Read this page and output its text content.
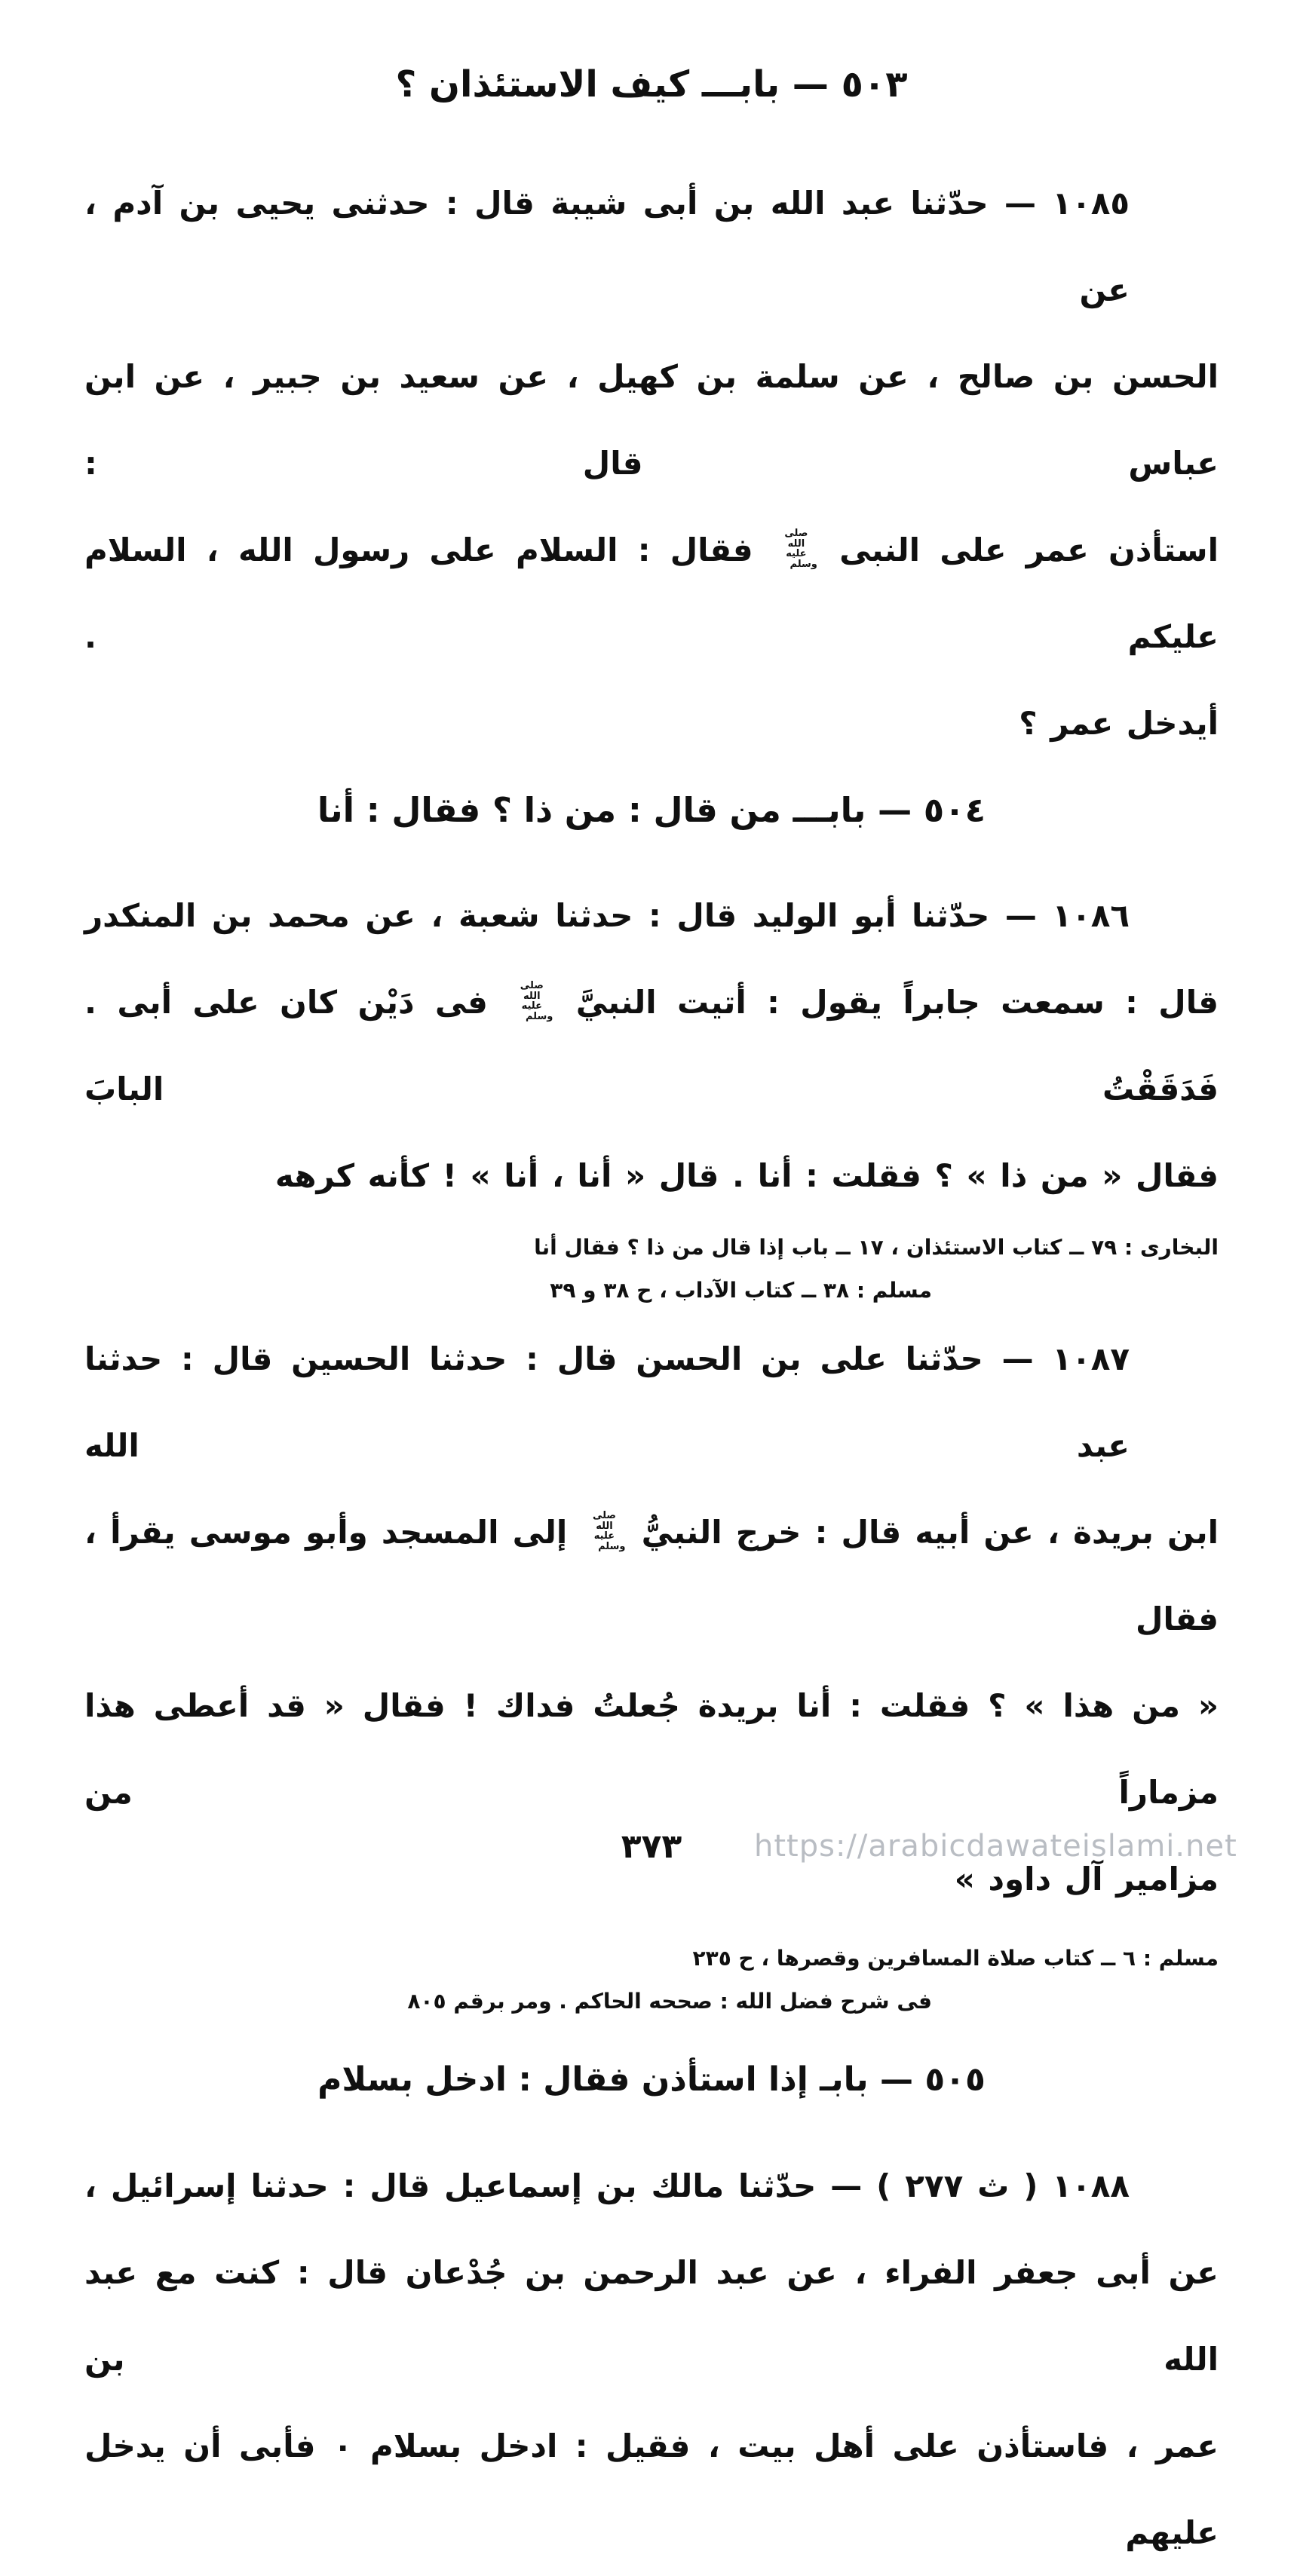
٥٠٣ — بابـــ كيف الاستئذان ؟

١٠٨٥ — حدّثنا عبد الله بن أبى شيبة قال : حدثنى يحيى بن آدم ، عن

الحسن بن صالح ، عن سلمة بن كهيل ، عن سعيد بن جبير ، عن ابن عباس قال :

استأذن عمر على النبى صلى الله عليه وسلم فقال : السلام على رسول الله ، السلام عليكم .

أيدخل عمر ؟

٥٠٤ — بابـــ من قال : من ذا ؟ فقال : أنا

١٠٨٦ — حدّثنا أبو الوليد قال : حدثنا شعبة ، عن محمد بن المنكدر

قال : سمعت جابراً يقول : أتيت النبيَّ صلى الله عليه وسلم فى دَيْن كان على أبى . فَدَقَقْتُ البابَ

فقال « من ذا » ؟ فقلت : أنا . قال « أنا ، أنا » ! كأنه كرهه

البخارى : ٧٩ ــ كتاب الاستئذان ، ١٧ ــ باب إذا قال من ذا ؟ فقال أنا

مسلم : ٣٨ ــ كتاب الآداب ، ح ٣٨ و ٣٩

١٠٨٧ — حدّثنا على بن الحسن قال : حدثنا الحسين قال : حدثنا عبد الله

ابن بريدة ، عن أبيه قال : خرج النبيُّ صلى الله عليه وسلم إلى المسجد وأبو موسى يقرأ ، فقال

« من هذا » ؟ فقلت : أنا بريدة جُعلتُ فداك ! فقال « قد أعطى هذا مزماراً من

مزامير آل داود »

مسلم : ٦ ــ كتاب صلاة المسافرين وقصرها ، ح ٢٣٥

فى شرح فضل الله : صححه الحاكم . ومر برقم ٨٠٥

٥٠٥ — بابـ إذا استأذن فقال : ادخل بسلام

١٠٨٨ ( ث ٢٧٧ ) — حدّثنا مالك بن إسماعيل قال : حدثنا إسرائيل ،

عن أبى جعفر الفراء ، عن عبد الرحمن بن جُدْعان قال : كنت مع عبد الله بن

عمر ، فاستأذن على أهل بيت ، فقيل : ادخل بسلام ٠ فأبى أن يدخل عليهم

٣٧٣	https://arabicdawateislami.net
